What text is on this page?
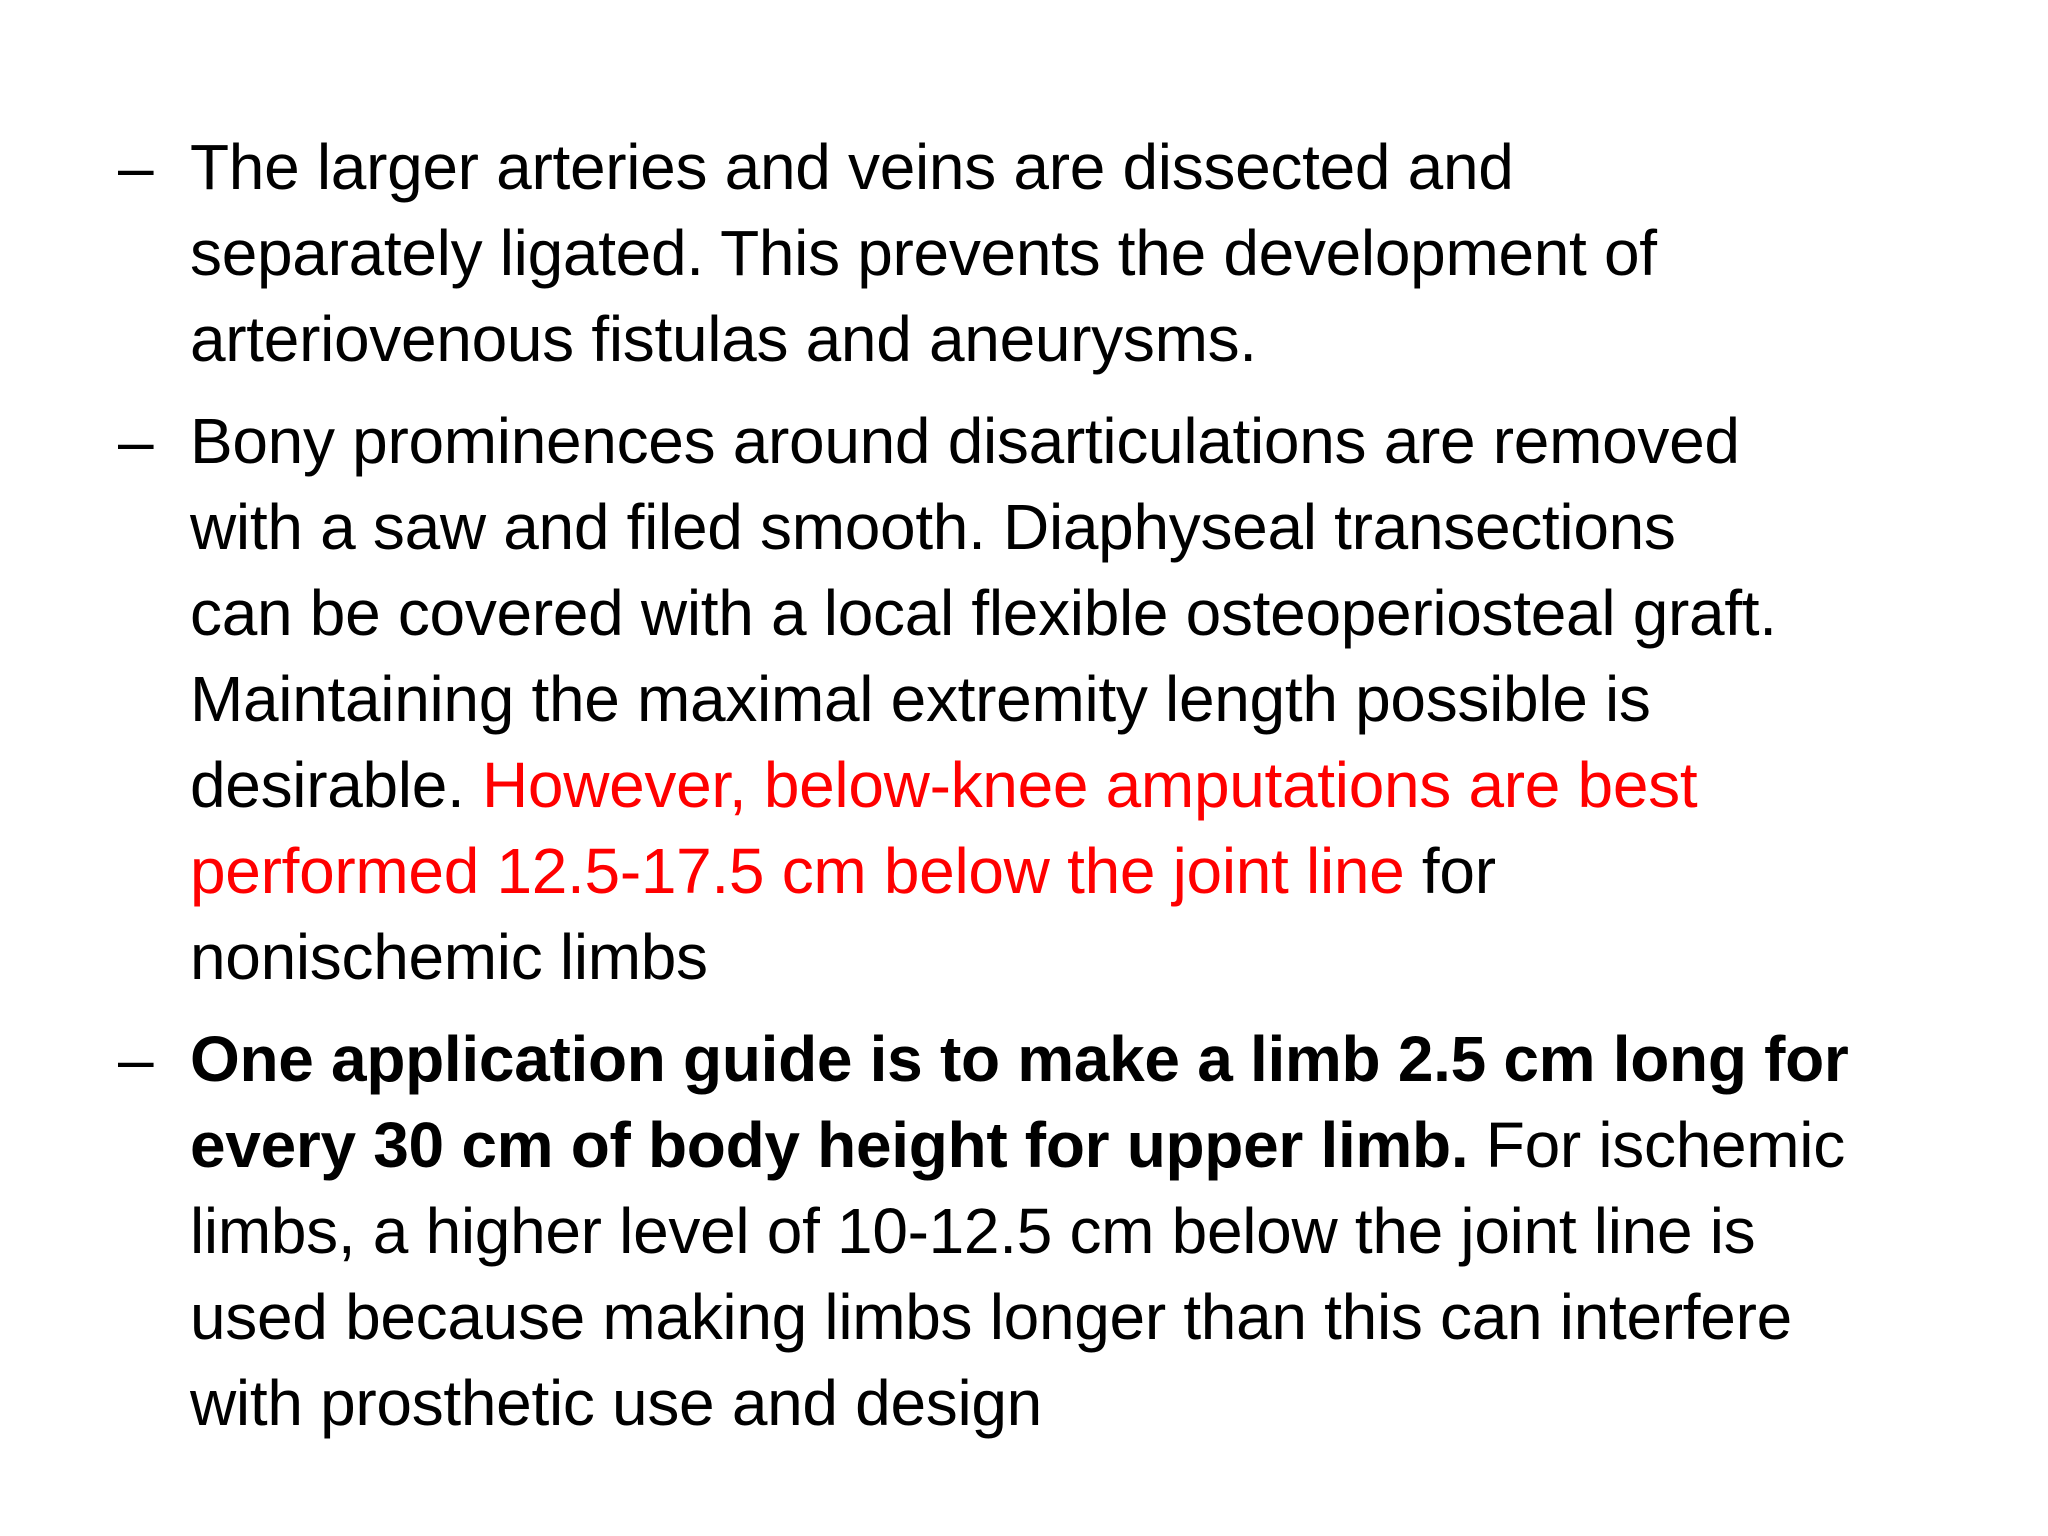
– The larger arteries and veins are dissected and
separately ligated. This prevents the development of
arteriovenous fistulas and aneurysms.
– Bony prominences around disarticulations are removed
with a saw and filed smooth. Diaphyseal transections
can be covered with a local flexible osteoperiosteal graft.
Maintaining the maximal extremity length possible is
desirable. However, below-knee amputations are best
performed 12.5-17.5 cm below the joint line for
nonischemic limbs
– One application guide is to make a limb 2.5 cm long for
every 30 cm of body height for upper limb. For ischemic
limbs, a higher level of 10-12.5 cm below the joint line is
used because making limbs longer than this can interfere
with prosthetic use and design
